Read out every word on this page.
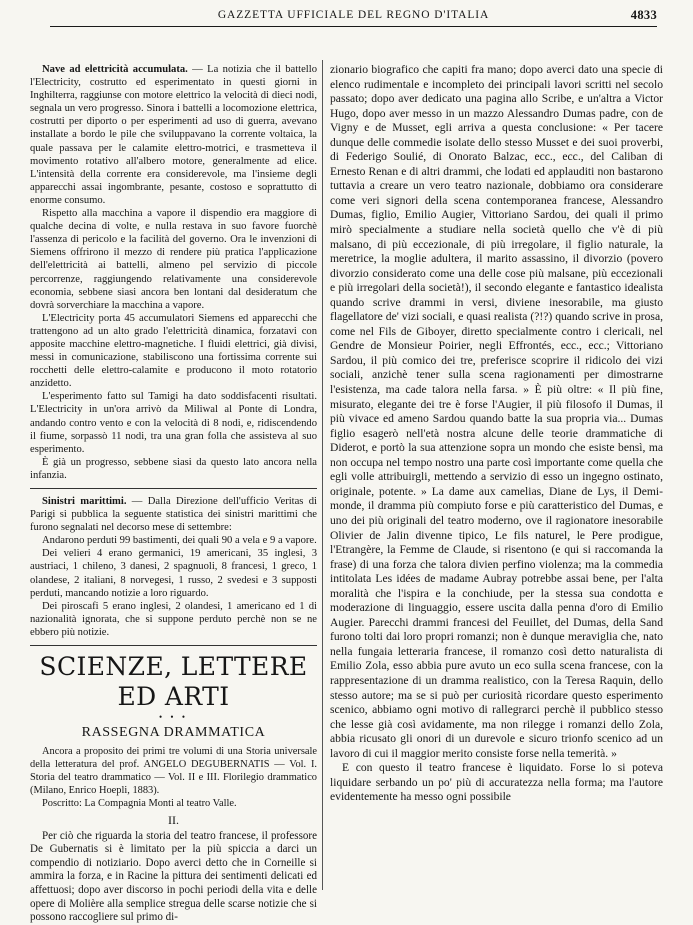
GAZZETTA UFFICIALE DEL REGNO D'ITALIA	4833

Nave ad elettricità accumulata. — La notizia che il battello l'Electricity, costrutto ed esperimentato in questi giorni in Inghilterra, raggiunse con motore elettrico la velocità di dieci nodi, segnala un vero progresso. Sinora i battelli a locomozione elettrica, costrutti per diporto o per esperimenti ad uso di guerra, avevano installate a bordo le pile che sviluppavano la corrente voltaica, la quale passava per le calamite elettro-motrici, e trasmetteva il movimento rotativo all'albero motore, generalmente ad elice. L'intensità della corrente era considerevole, ma l'insieme degli apparecchi assai ingombrante, pesante, costoso e soprattutto di enorme consumo.

Rispetto alla macchina a vapore il dispendio era maggiore di qualche decina di volte, e nulla restava in suo favore fuorchè l'assenza di pericolo e la facilità del governo. Ora le invenzioni di Siemens offrirono il mezzo di rendere più pratica l'applicazione dell'elettricità ai battelli, almeno pel servizio di piccole percorrenze, raggiungendo relativamente una considerevole economia, sebbene siasi ancora ben lontani dal desideratum che dovrà sorverchiare la macchina a vapore.

L'Electricity porta 45 accumulatori Siemens ed apparecchi che trattengono ad un alto grado l'elettricità dinamica, forzatavi con apposite macchine elettro-magnetiche. I fluidi elettrici, già divisi, messi in comunicazione, stabiliscono una fortissima corrente sui rocchetti delle elettro-calamite e producono il moto rotatorio anzidetto.

L'esperimento fatto sul Tamigi ha dato soddisfacenti risultati. L'Electricity in un'ora arrivò da Miliwal al Ponte di Londra, andando contro vento e con la velocità di 8 nodi, e, ridiscendendo il fiume, sorpassò 11 nodi, tra una gran folla che assisteva al suo esperimento.

È già un progresso, sebbene siasi da questo lato ancora nella infanzia.

Sinistri marittimi. — Dalla Direzione dell'ufficio Veritas di Parigi si pubblica la seguente statistica dei sinistri marittimi che furono segnalati nel decorso mese di settembre:

Andarono perduti 99 bastimenti, dei quali 90 a vela e 9 a vapore.

Dei velieri 4 erano germanici, 19 americani, 35 inglesi, 3 austriaci, 1 chileno, 3 danesi, 2 spagnuoli, 8 francesi, 1 greco, 1 olandese, 2 italiani, 8 norvegesi, 1 russo, 2 svedesi e 3 supposti perduti, mancando notizie a loro riguardo.

Dei piroscafi 5 erano inglesi, 2 olandesi, 1 americano ed 1 di nazionalità ignorata, che si suppone perduto perchè non se ne ebbero più notizie.

SCIENZE, LETTERE ED ARTI
• • •
RASSEGNA DRAMMATICA

Ancora a proposito dei primi tre volumi di una Storia universale della letteratura del prof. ANGELO DEGUBERNATIS — Vol. I. Storia del teatro drammatico — Vol. II e III. Florilegio drammatico (Milano, Enrico Hoepli, 1883).

Poscritto: La Compagnia Monti al teatro Valle.

II.

Per ciò che riguarda la storia del teatro francese, il professore De Gubernatis si è limitato per la più spiccia a darci un compendio di notiziario. Dopo averci detto che in Corneille si ammira la forza, e in Racine la pittura dei sentimenti delicati ed affettuosi; dopo aver discorso in pochi periodi della vita e delle opere di Molière alla semplice stregua delle scarse notizie che si possono raccogliere sul primo di-

zionario biografico che capiti fra mano; dopo averci dato una specie di elenco rudimentale e incompleto dei principali lavori scritti nel secolo passato; dopo aver dedicato una pagina allo Scribe, e un'altra a Victor Hugo, dopo aver messo in un mazzo Alessandro Dumas padre, con de Vigny e de Musset, egli arriva a questa conclusione: « Per tacere dunque delle commedie isolate dello stesso Musset e dei suoi proverbi, di Federigo Soulié, di Onorato Balzac, ecc., ecc., del Caliban di Ernesto Renan e di altri drammi, che lodati ed applauditi non bastarono tuttavia a creare un vero teatro nazionale, dobbiamo ora considerare come veri signori della scena contemporanea francese, Alessandro Dumas, figlio, Emilio Augier, Vittoriano Sardou, dei quali il primo mirò specialmente a studiare nella società quello che v'è di più malsano, di più eccezionale, di più irregolare, il figlio naturale, la meretrice, la moglie adultera, il marito assassino, il divorzio (povero divorzio considerato come una delle cose più malsane, più eccezionali e più irregolari della società!), il secondo elegante e fantastico idealista quando scrive drammi in versi, diviene inesorabile, ma giusto flagellatore de' vizi sociali, e quasi realista (?!?) quando scrive in prosa, come nel Fils de Giboyer, diretto specialmente contro i clericali, nel Gendre de Monsieur Poirier, negli Effrontés, ecc., ecc.; Vittoriano Sardou, il più comico dei tre, preferisce scoprire il ridicolo dei vizi sociali, anzichè tener sulla scena ragionamenti per dimostrarne l'esistenza, ma cade talora nella farsa. » È più oltre: « Il più fine, misurato, elegante dei tre è forse l'Augier, il più filosofo il Dumas, il più vivace ed ameno Sardou quando batte la sua propria via... Dumas figlio esagerò nell'età nostra alcune delle teorie drammatiche di Diderot, e portò la sua attenzione sopra un mondo che esiste bensì, ma non occupa nel tempo nostro una parte così importante come quella che egli volle attribuirgli, mettendo a servizio di esso un ingegno ostinato, originale, potente. » La dame aux camelias, Diane de Lys, il Demi-monde, il dramma più compiuto forse e più caratteristico del Dumas, e uno dei più originali del teatro moderno, ove il ragionatore inesorabile Olivier de Jalin divenne tipico, Le fils naturel, le Pere prodigue, l'Etrangère, la Femme de Claude, si risentono (e qui si raccomanda la frase) di una forza che talora divien perfino violenza; ma la commedia intitolata Les idées de madame Aubray potrebbe assai bene, per l'alta moralità che l'ispira e la conchiude, per la stessa sua condotta e moderazione di linguaggio, essere uscita dalla penna d'oro di Emilio Augier. Parecchi drammi francesi del Feuillet, del Dumas, della Sand furono tolti dai loro propri romanzi; non è dunque meraviglia che, nato nella fungaia letteraria francese, il romanzo così detto naturalista di Emilio Zola, esso abbia pure avuto un eco sulla scena francese, con la rappresentazione di un dramma realistico, con la Teresa Raquin, dello stesso autore; ma se si può per curiosità ricordare questo esperimento scenico, abbiamo ogni motivo di rallegrarci perchè il pubblico stesso che lesse già così avidamente, ma non rilegge i romanzi dello Zola, abbia ricusato gli onori di un durevole e sicuro trionfo scenico ad un lavoro di cui il maggior merito consiste forse nella temerità. »

E con questo il teatro francese è liquidato. Forse lo si poteva liquidare serbando un po' più di accuratezza nella forma; ma l'autore evidentemente ha messo ogni possibile
